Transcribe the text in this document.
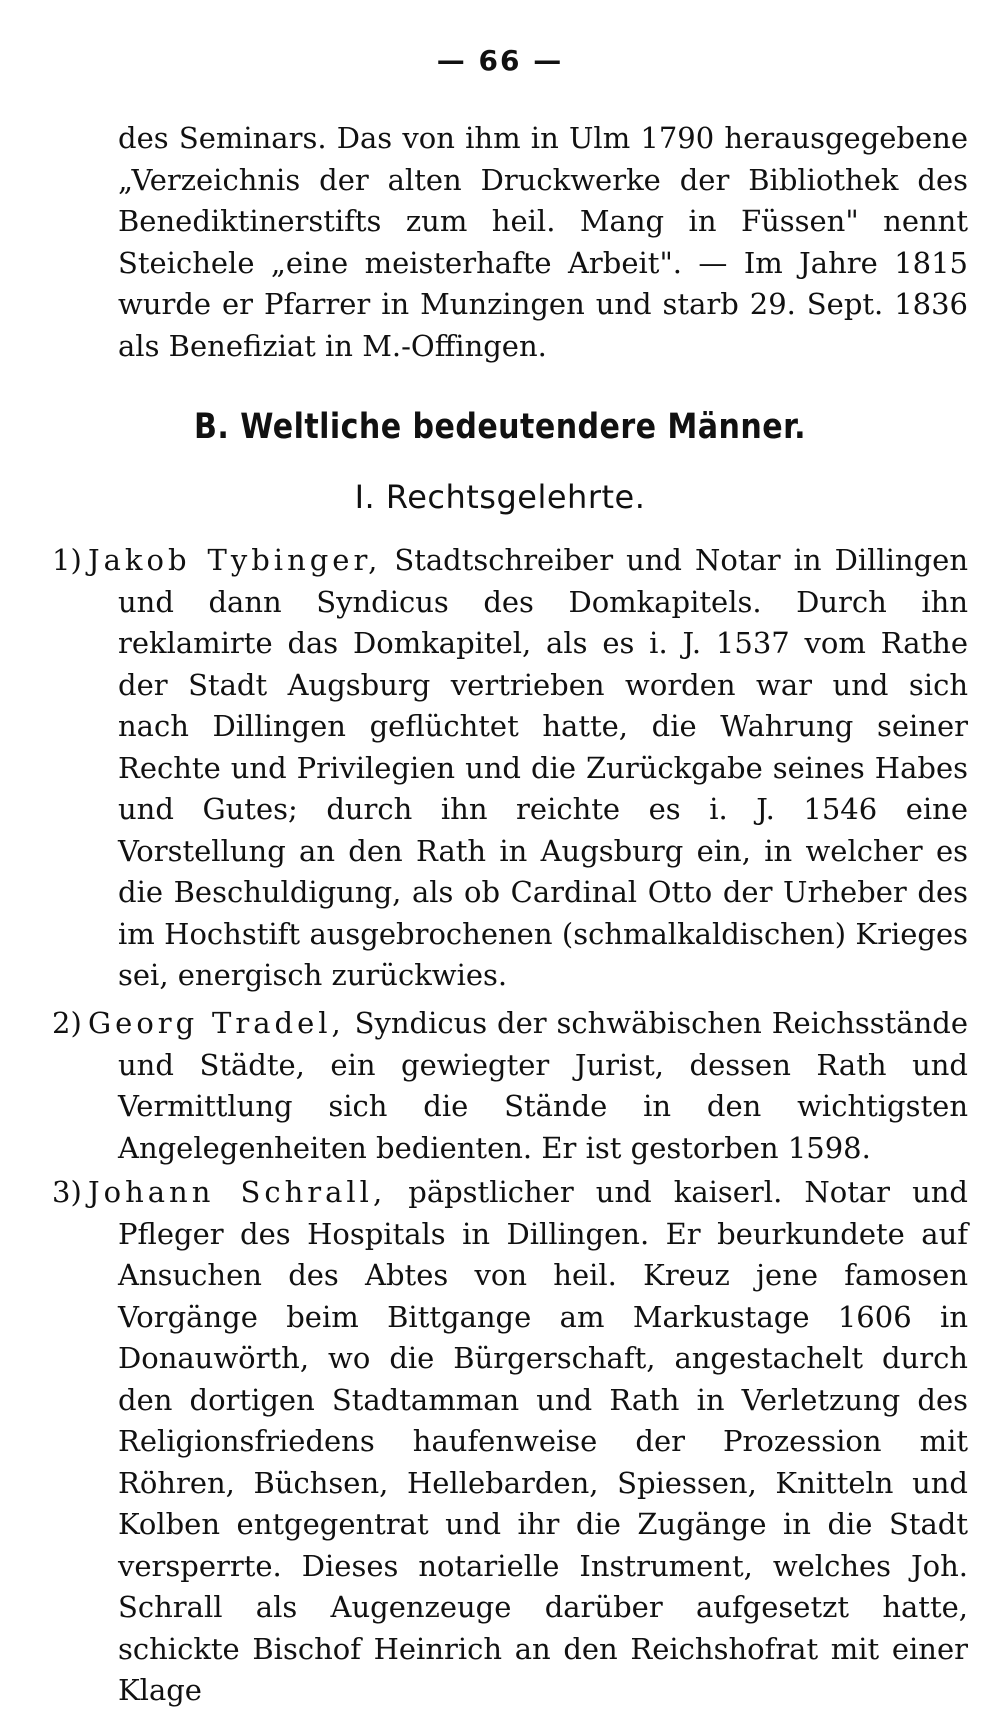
— 66 —

des Seminars. Das von ihm in Ulm 1790 herausgegebene „Verzeichnis der alten Druckwerke der Bibliothek des Benediktinerstifts zum heil. Mang in Füssen" nennt Steichele „eine meisterhafte Arbeit". — Im Jahre 1815 wurde er Pfarrer in Munzingen und starb 29. Sept. 1836 als Benefiziat in M.-Offingen.

B. Weltliche bedeutendere Männer.
I. Rechtsgelehrte.

1) Jakob Tybinger, Stadtschreiber und Notar in Dillingen und dann Syndicus des Domkapitels. Durch ihn reklamirte das Domkapitel, als es i. J. 1537 vom Rathe der Stadt Augsburg vertrieben worden war und sich nach Dillingen geflüchtet hatte, die Wahrung seiner Rechte und Privilegien und die Zurückgabe seines Habes und Gutes; durch ihn reichte es i. J. 1546 eine Vorstellung an den Rath in Augsburg ein, in welcher es die Beschuldigung, als ob Cardinal Otto der Urheber des im Hochstift ausgebrochenen (schmalkaldischen) Krieges sei, energisch zurückwies.

2) Georg Tradel, Syndicus der schwäbischen Reichsstände und Städte, ein gewiegter Jurist, dessen Rath und Vermittlung sich die Stände in den wichtigsten Angelegenheiten bedienten. Er ist gestorben 1598.

3) Johann Schrall, päpstlicher und kaiserl. Notar und Pfleger des Hospitals in Dillingen. Er beurkundete auf Ansuchen des Abtes von heil. Kreuz jene famosen Vorgänge beim Bittgange am Markustage 1606 in Donauwörth, wo die Bürgerschaft, angestachelt durch den dortigen Stadtamman und Rath in Verletzung des Religionsfriedens haufenweise der Prozession mit Röhren, Büchsen, Hellebarden, Spiessen, Knitteln und Kolben entgegentrat und ihr die Zugänge in die Stadt versperrte. Dieses notarielle Instrument, welches Joh. Schrall als Augenzeuge darüber aufgesetzt hatte, schickte Bischof Heinrich an den Reichshofrat mit einer Klage
